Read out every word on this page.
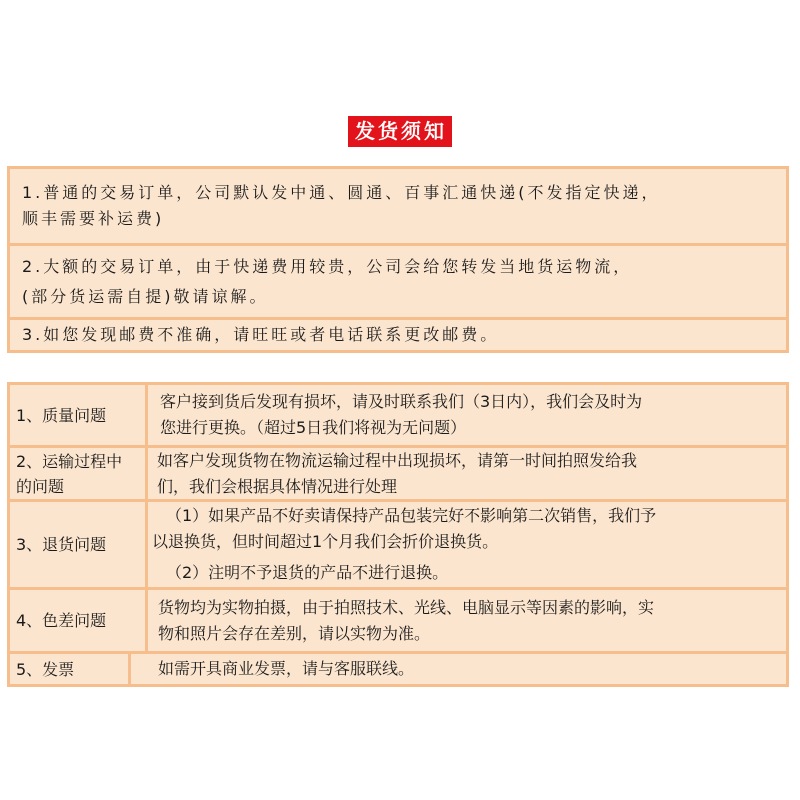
发货须知
1.普通的交易订单，公司默认发中通、圆通、百事汇通快递(不发指定快递，
顺丰需要补运费)
2.大额的交易订单，由于快递费用较贵，公司会给您转发当地货运物流，
(部分货运需自提)敬请谅解。
3.如您发现邮费不准确，请旺旺或者电话联系更改邮费。
1、质量问题

客户接到货后发现有损坏，请及时联系我们（3日内），我们会及时为

您进行更换。（超过5日我们将视为无问题）

2、运输过程中
的问题

如客户发现货物在物流运输过程中出现损坏，请第一时间拍照发给我

们，我们会根据具体情况进行处理

3、退货问题

（1）如果产品不好卖请保持产品包装完好不影响第二次销售，我们予

以退换货，但时间超过1个月我们会折价退换货。

（2）注明不予退货的产品不进行退换。

4、色差问题

货物均为实物拍摄，由于拍照技术、光线、电脑显示等因素的影响，实

物和照片会存在差别，请以实物为准。

5、发票	如需开具商业发票，请与客服联线。
